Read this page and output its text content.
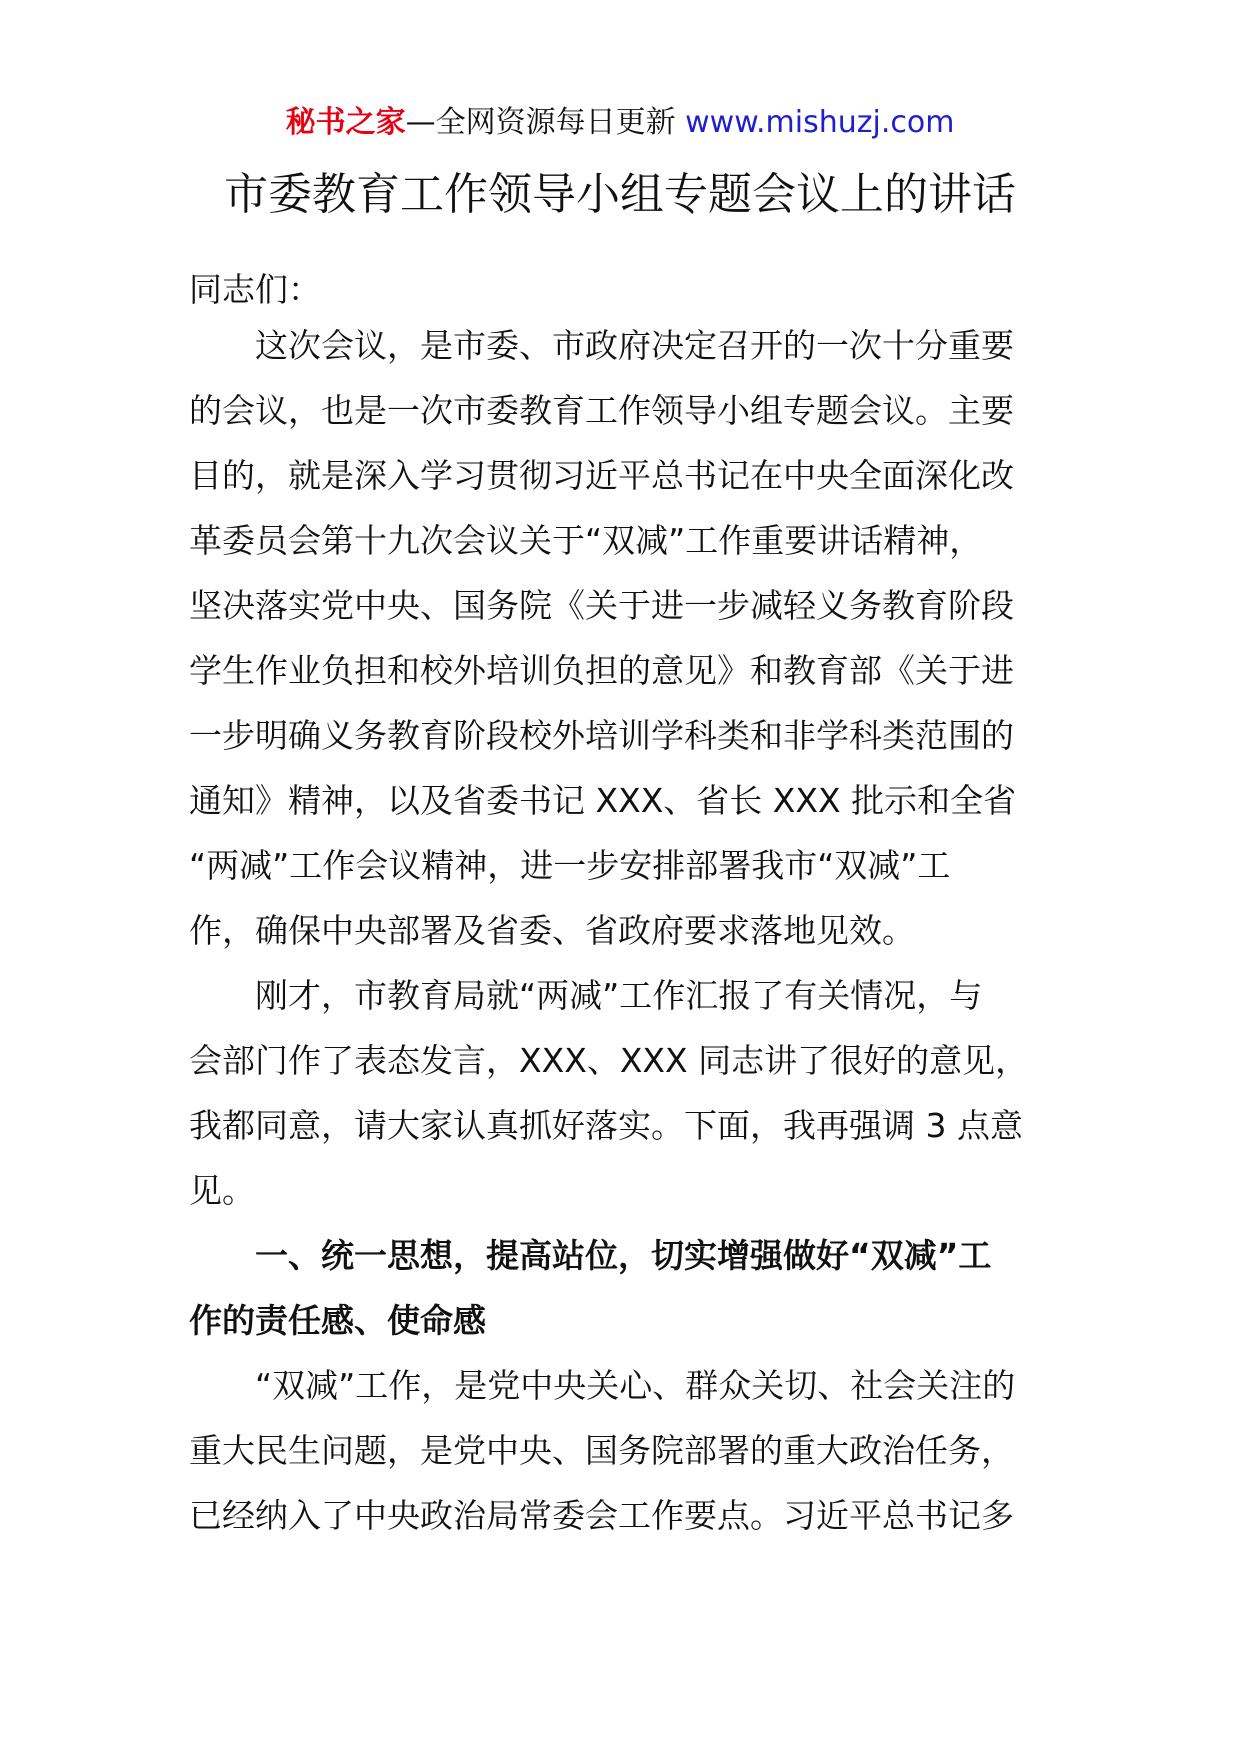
秘书之家—全网资源每日更新 www.mishuzj.com
市委教育工作领导小组专题会议上的讲话
同志们：
这次会议，是市委、市政府决定召开的一次十分重要
的会议，也是一次市委教育工作领导小组专题会议。主要
目的，就是深入学习贯彻习近平总书记在中央全面深化改
革委员会第十九次会议关于“双减”工作重要讲话精神，
坚决落实党中央、国务院《关于进一步减轻义务教育阶段
学生作业负担和校外培训负担的意见》和教育部《关于进
一步明确义务教育阶段校外培训学科类和非学科类范围的
通知》精神，以及省委书记 XXX、省长 XXX 批示和全省
“两减”工作会议精神，进一步安排部署我市“双减”工
作，确保中央部署及省委、省政府要求落地见效。
刚才，市教育局就“两减”工作汇报了有关情况，与
会部门作了表态发言，XXX、XXX 同志讲了很好的意见，
我都同意，请大家认真抓好落实。下面，我再强调 3 点意
见。
一、统一思想，提高站位，切实增强做好“双减”工
作的责任感、使命感
“双减”工作，是党中央关心、群众关切、社会关注的
重大民生问题，是党中央、国务院部署的重大政治任务，
已经纳入了中央政治局常委会工作要点。习近平总书记多
